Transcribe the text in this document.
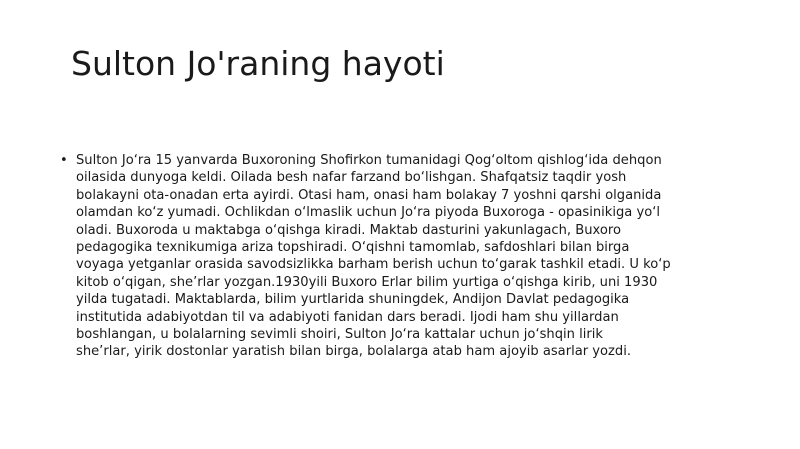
Sulton Jo'raning hayoti
• Sulton Jo‘ra 15 yanvarda Buxoroning Shofirkon tumanidagi Qog‘oltom qishlog‘ida dehqon
oilasida dunyoga keldi. Oilada besh nafar farzand bo‘lishgan. Shafqatsiz taqdir yosh
bolakayni ota-onadan erta ayirdi. Otasi ham, onasi ham bolakay 7 yoshni qarshi olganida
olamdan ko‘z yumadi. Ochlikdan o‘lmaslik uchun Jo‘ra piyoda Buxoroga - opasinikiga yo‘l
oladi. Buxoroda u maktabga o‘qishga kiradi. Maktab dasturini yakunlagach, Buxoro
pedagogika texnikumiga ariza topshiradi. O‘qishni tamomlab, safdoshlari bilan birga
voyaga yetganlar orasida savodsizlikka barham berish uchun to‘garak tashkil etadi. U ko‘p
kitob o‘qigan, she’rlar yozgan.1930yili Buxoro Erlar bilim yurtiga o‘qishga kirib, uni 1930
yilda tugatadi. Maktablarda, bilim yurtlarida shuningdek, Andijon Davlat pedagogika
institutida adabiyotdan til va adabiyoti fanidan dars beradi. Ijodi ham shu yillardan
boshlangan, u bolalarning sevimli shoiri, Sulton Jo‘ra kattalar uchun jo‘shqin lirik
she’rlar, yirik dostonlar yaratish bilan birga, bolalarga atab ham ajoyib asarlar yozdi.
